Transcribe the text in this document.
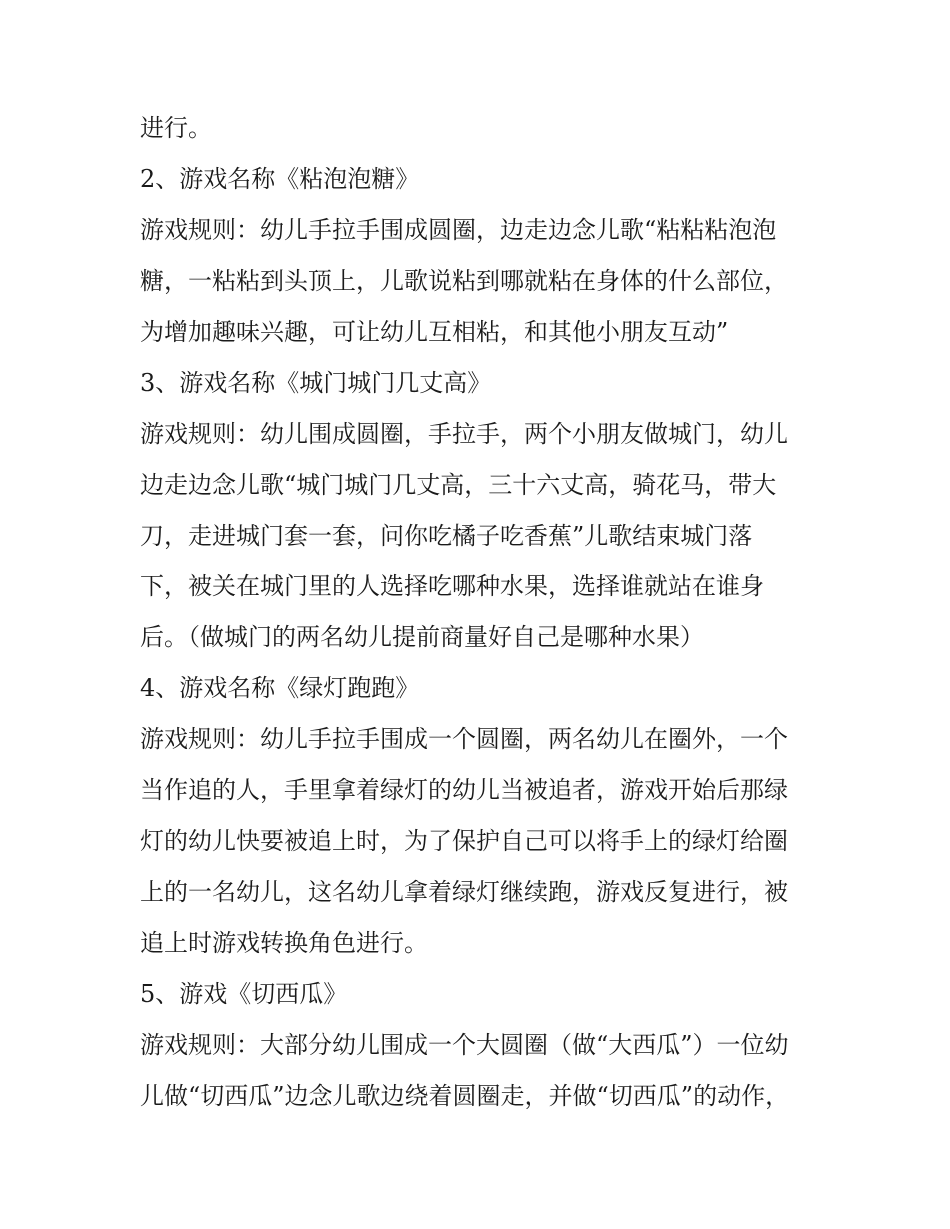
进行。

2、游戏名称《粘泡泡糖》

游戏规则：幼儿手拉手围成圆圈，边走边念儿歌“粘粘粘泡泡

糖，一粘粘到头顶上，儿歌说粘到哪就粘在身体的什么部位，

为增加趣味兴趣，可让幼儿互相粘，和其他小朋友互动”

3、游戏名称《城门城门几丈高》

游戏规则：幼儿围成圆圈，手拉手，两个小朋友做城门，幼儿

边走边念儿歌“城门城门几丈高，三十六丈高，骑花马，带大

刀，走进城门套一套，问你吃橘子吃香蕉”儿歌结束城门落

下，被关在城门里的人选择吃哪种水果，选择谁就站在谁身

后。（做城门的两名幼儿提前商量好自己是哪种水果）

4、游戏名称《绿灯跑跑》

游戏规则：幼儿手拉手围成一个圆圈，两名幼儿在圈外，一个

当作追的人，手里拿着绿灯的幼儿当被追者，游戏开始后那绿

灯的幼儿快要被追上时，为了保护自己可以将手上的绿灯给圈

上的一名幼儿，这名幼儿拿着绿灯继续跑，游戏反复进行，被

追上时游戏转换角色进行。

5、游戏《切西瓜》

游戏规则：大部分幼儿围成一个大圆圈（做“大西瓜”）一位幼

儿做“切西瓜”边念儿歌边绕着圆圈走，并做“切西瓜”的动作，
